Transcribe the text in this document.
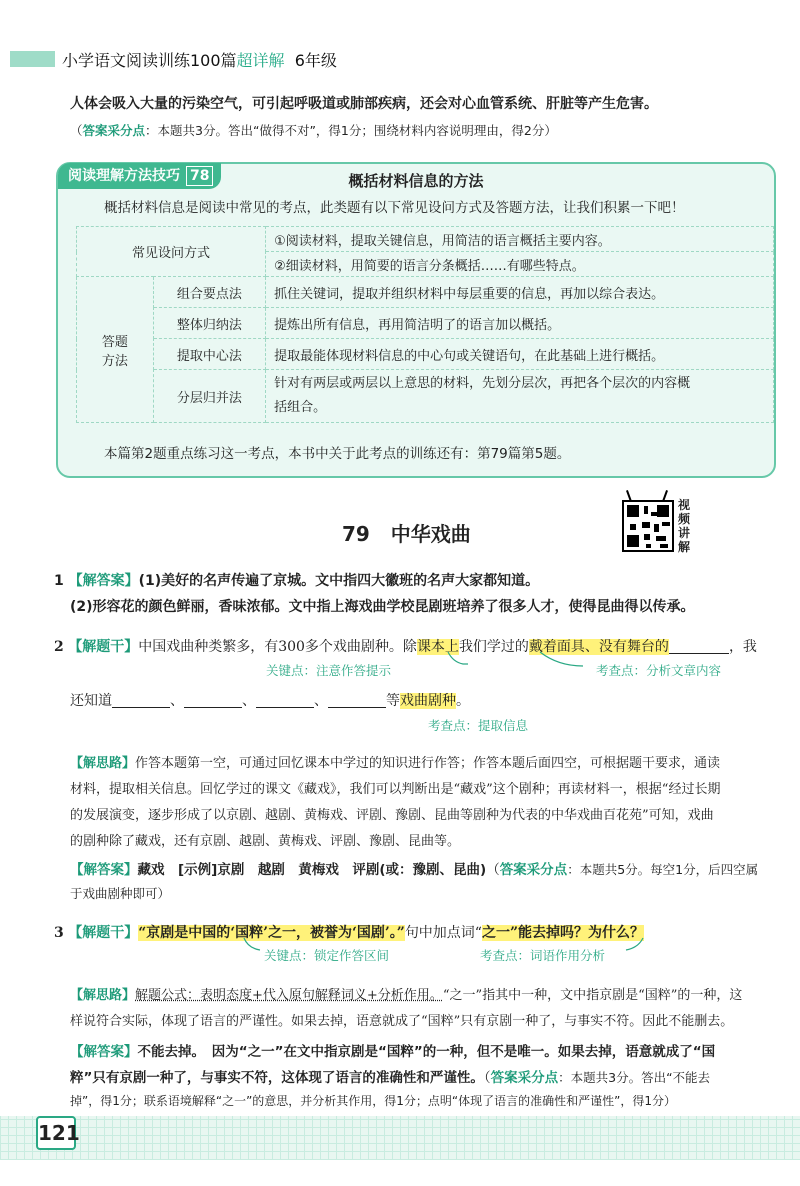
小学语文阅读训练100篇超详解 6年级
人体会吸入大量的污染空气，可引起呼吸道或肺部疾病，还会对心血管系统、肝脏等产生危害。
（答案采分点：本题共3分。答出“做得不对”，得1分；围绕材料内容说明理由，得2分）
阅读理解方法技巧 78	概括材料信息的方法
概括材料信息是阅读中常见的考点，此类题有以下常见设问方式及答题方法，让我们积累一下吧！
常见设问方式		①阅读材料，提取关键信息，用简洁的语言概括主要内容。
		②细读材料，用简要的语言分条概括……有哪些特点。
答题
方法	组合要点法	抓住关键词，提取并组织材料中每层重要的信息，再加以综合表达。
	整体归纳法	提炼出所有信息，再用简洁明了的语言加以概括。
	提取中心法	提取最能体现材料信息的中心句或关键语句，在此基础上进行概括。
	分层归并法	针对有两层或两层以上意思的材料，先划分层次，再把各个层次的内容概
括组合。
本篇第2题重点练习这一考点，本书中关于此考点的训练还有：第79篇第5题。
79 中华戏曲
视频讲解
1 【解答案】(1)美好的名声传遍了京城。文中指四大徽班的名声大家都知道。
(2)形容花的颜色鲜丽，香味浓郁。文中指上海戏曲学校昆剧班培养了很多人才，使得昆曲得以传承。
2 【解题干】中国戏曲种类繁多，有300多个戏曲剧种。除课本上我们学过的戴着面具、没有舞台的	，我
关键点：注意作答提示	考查点：分析文章内容
还知道	、	、	、	等戏曲剧种。
考查点：提取信息
【解思路】作答本题第一空，可通过回忆课本中学过的知识进行作答；作答本题后面四空，可根据题干要求，通读
材料，提取相关信息。回忆学过的课文《藏戏》，我们可以判断出是“藏戏”这个剧种；再读材料一，根据“经过长期
的发展演变，逐步形成了以京剧、越剧、黄梅戏、评剧、豫剧、昆曲等剧种为代表的中华戏曲百花苑”可知，戏曲
的剧种除了藏戏，还有京剧、越剧、黄梅戏、评剧、豫剧、昆曲等。
【解答案】藏戏　[示例]京剧　越剧　黄梅戏　评剧(或：豫剧、昆曲)（答案采分点：本题共5分。每空1分，后四空属
于戏曲剧种即可）
3 【解题干】“京剧是中国的‘国粹’之一，被誉为‘国剧’。”句中加点词“之一”能去掉吗？为什么？
关键点：锁定作答区间	考查点：词语作用分析
【解思路】解题公式：表明态度+代入原句解释词义+分析作用。“之一”指其中一种，文中指京剧是“国粹”的一种，这
样说符合实际，体现了语言的严谨性。如果去掉，语意就成了“国粹”只有京剧一种了，与事实不符。因此不能删去。
【解答案】不能去掉。　因为“之一”在文中指京剧是“国粹”的一种，但不是唯一。如果去掉，语意就成了“国
粹”只有京剧一种了，与事实不符，这体现了语言的准确性和严谨性。（答案采分点：本题共3分。答出“不能去
掉”，得1分；联系语境解释“之一”的意思，并分析其作用，得1分；点明“体现了语言的准确性和严谨性”，得1分）
121
